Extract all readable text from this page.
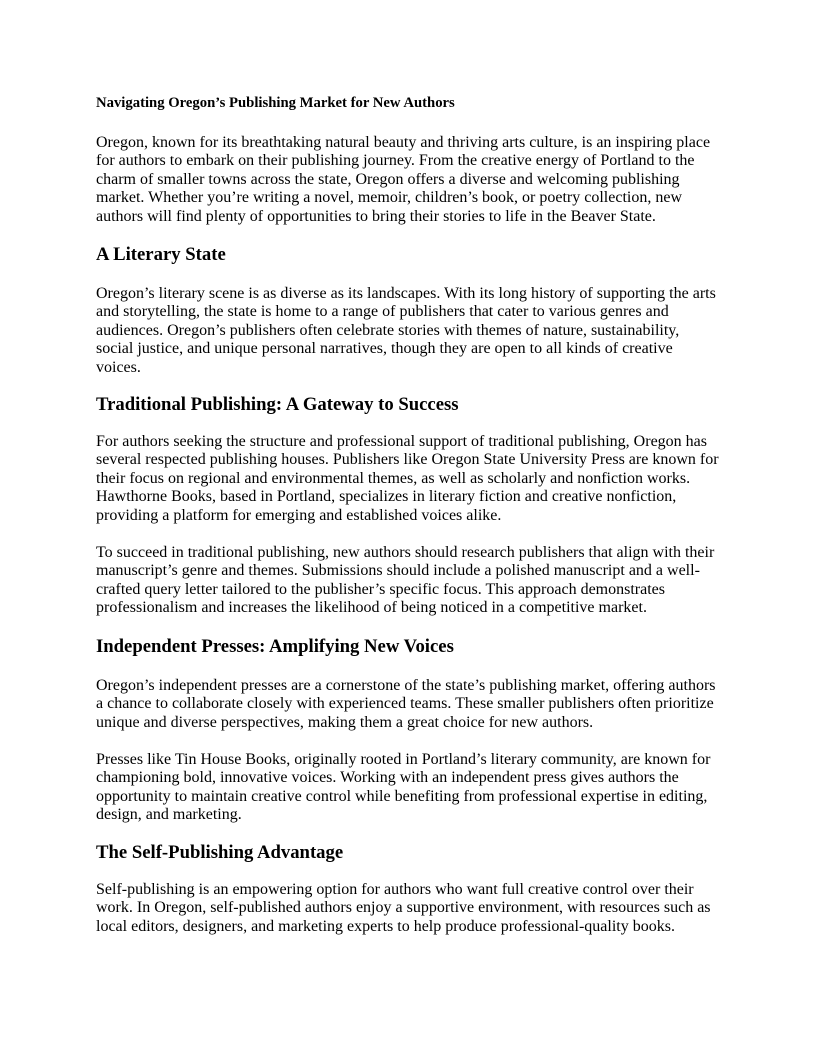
Navigating Oregon’s Publishing Market for New Authors
Oregon, known for its breathtaking natural beauty and thriving arts culture, is an inspiring place
for authors to embark on their publishing journey. From the creative energy of Portland to the
charm of smaller towns across the state, Oregon offers a diverse and welcoming publishing
market. Whether you’re writing a novel, memoir, children’s book, or poetry collection, new
authors will find plenty of opportunities to bring their stories to life in the Beaver State.
A Literary State
Oregon’s literary scene is as diverse as its landscapes. With its long history of supporting the arts
and storytelling, the state is home to a range of publishers that cater to various genres and
audiences. Oregon’s publishers often celebrate stories with themes of nature, sustainability,
social justice, and unique personal narratives, though they are open to all kinds of creative
voices.
Traditional Publishing: A Gateway to Success
For authors seeking the structure and professional support of traditional publishing, Oregon has
several respected publishing houses. Publishers like Oregon State University Press are known for
their focus on regional and environmental themes, as well as scholarly and nonfiction works.
Hawthorne Books, based in Portland, specializes in literary fiction and creative nonfiction,
providing a platform for emerging and established voices alike.
To succeed in traditional publishing, new authors should research publishers that align with their
manuscript’s genre and themes. Submissions should include a polished manuscript and a well-
crafted query letter tailored to the publisher’s specific focus. This approach demonstrates
professionalism and increases the likelihood of being noticed in a competitive market.
Independent Presses: Amplifying New Voices
Oregon’s independent presses are a cornerstone of the state’s publishing market, offering authors
a chance to collaborate closely with experienced teams. These smaller publishers often prioritize
unique and diverse perspectives, making them a great choice for new authors.
Presses like Tin House Books, originally rooted in Portland’s literary community, are known for
championing bold, innovative voices. Working with an independent press gives authors the
opportunity to maintain creative control while benefiting from professional expertise in editing,
design, and marketing.
The Self-Publishing Advantage
Self-publishing is an empowering option for authors who want full creative control over their
work. In Oregon, self-published authors enjoy a supportive environment, with resources such as
local editors, designers, and marketing experts to help produce professional-quality books.
